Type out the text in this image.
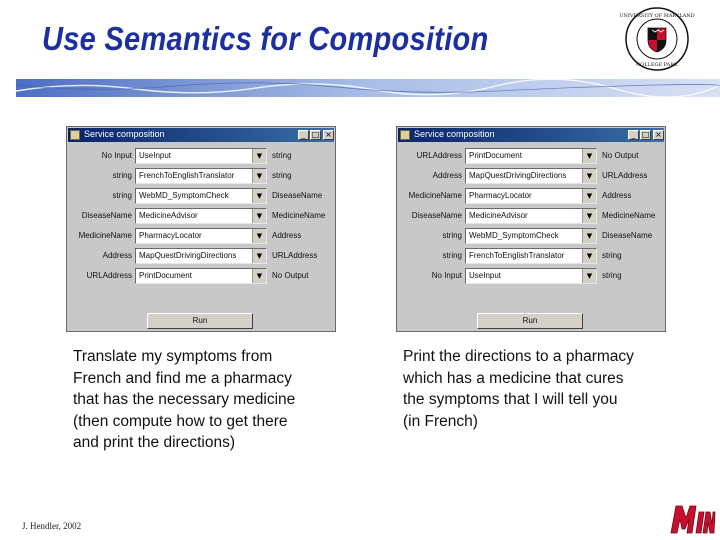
Use Semantics for Composition
UNIVERSITY OF MARYLAND
COLLEGE PARK
Service composition	_ □ ×
No Input UseInput	▼	string
string FrenchToEnglishTranslator	▼	string
string WebMD_SymptomCheck	▼	DiseaseName
DiseaseName MedicineAdvisor	▼	MedicineName
MedicineName PharmacyLocator	▼	Address
Address MapQuestDrivingDirections	▼	URLAddress
URLAddress PrintDocument	▼	No Output
Run
Service composition	_ □ ×
URLAddress PrintDocument	▼	No Output
Address MapQuestDrivingDirections	▼	URLAddress
MedicineName PharmacyLocator	▼	Address
DiseaseName MedicineAdvisor	▼	MedicineName
string WebMD_SymptomCheck	▼	DiseaseName
string FrenchToEnglishTranslator	▼	string
No Input UseInput	▼	string
Run
Translate my symptoms from
French and find me a pharmacy
that has the necessary medicine
(then compute how to get there
and print the directions)
Print the directions to a pharmacy
which has a medicine that cures
the symptoms that I will tell you
(in French)
J. Hendler, 2002
